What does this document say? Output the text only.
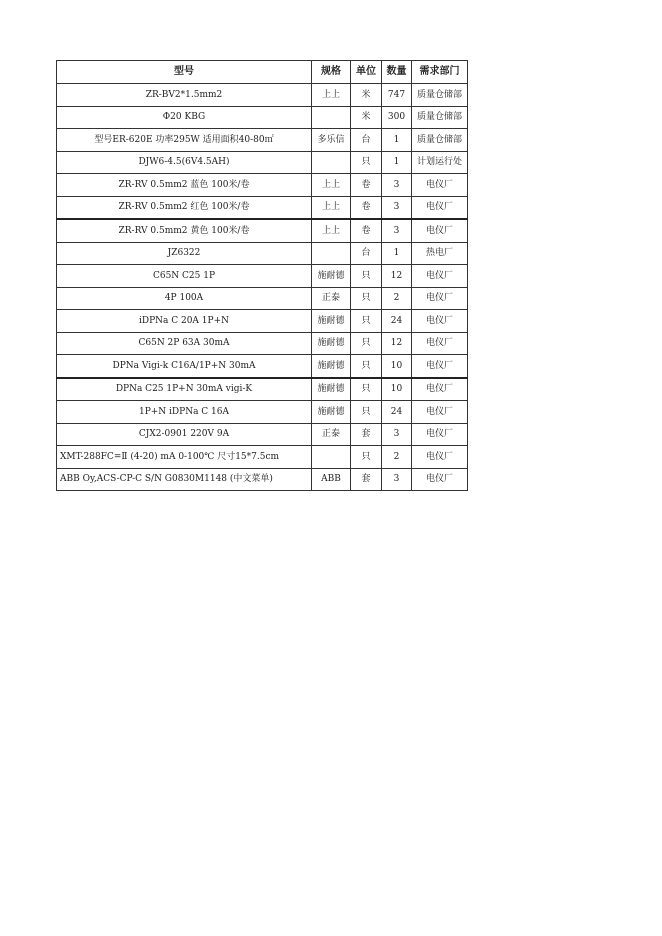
型号	规格	单位	数量	需求部门
ZR-BV2*1.5mm2	上上	米	747	质量仓储部
Φ20 KBG		米	300	质量仓储部
型号ER-620E 功率295W 适用面积40-80㎡	多乐信	台	1	质量仓储部
DJW6-4.5(6V4.5AH)		只	1	计划运行处
ZR-RV 0.5mm2 蓝色 100米/卷	上上	卷	3	电仪厂
ZR-RV 0.5mm2 红色 100米/卷	上上	卷	3	电仪厂
ZR-RV 0.5mm2 黄色 100米/卷	上上	卷	3	电仪厂
JZ6322		台	1	热电厂
C65N C25 1P	施耐德	只	12	电仪厂
4P 100A	正泰	只	2	电仪厂
iDPNa C 20A 1P+N	施耐德	只	24	电仪厂
C65N 2P 63A 30mA	施耐德	只	12	电仪厂
DPNa Vigi-k C16A/1P+N 30mA	施耐德	只	10	电仪厂
DPNa C25 1P+N 30mA vigi-K	施耐德	只	10	电仪厂
1P+N iDPNa C 16A	施耐德	只	24	电仪厂
CJX2-0901 220V 9A	正泰	套	3	电仪厂
XMT-288FC=Ⅱ (4-20) mA 0-100℃ 尺寸15*7.5cm		只	2	电仪厂
ABB Oy,ACS-CP-C S/N G0830M1148 (中文菜单)	ABB	套	3	电仪厂
